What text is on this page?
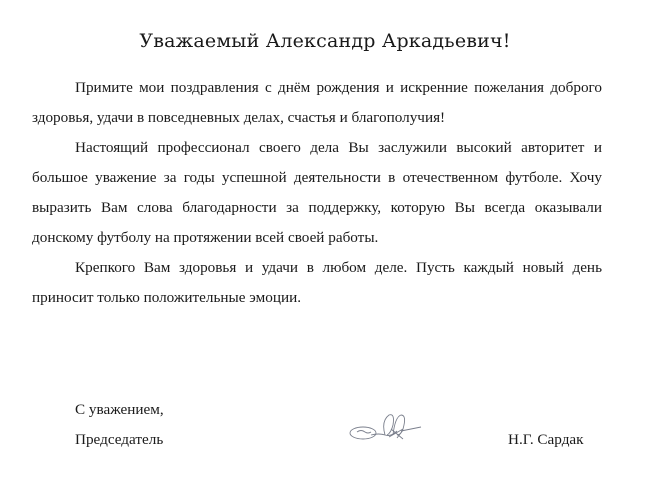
Уважаемый Александр Аркадьевич!

Примите мои поздравления с днём рождения и искренние пожелания доброго здоровья, удачи в повседневных делах, счастья и благополучия!

Настоящий профессионал своего дела Вы заслужили высокий авторитет и большое уважение за годы успешной деятельности в отечественном футболе. Хочу выразить Вам слова благодарности за поддержку, которую Вы всегда оказывали донскому футболу на протяжении всей своей работы.

Крепкого Вам здоровья и удачи в любом деле. Пусть каждый новый день приносит только положительные эмоции.

С уважением,
Председатель	Н.Г. Сардак
